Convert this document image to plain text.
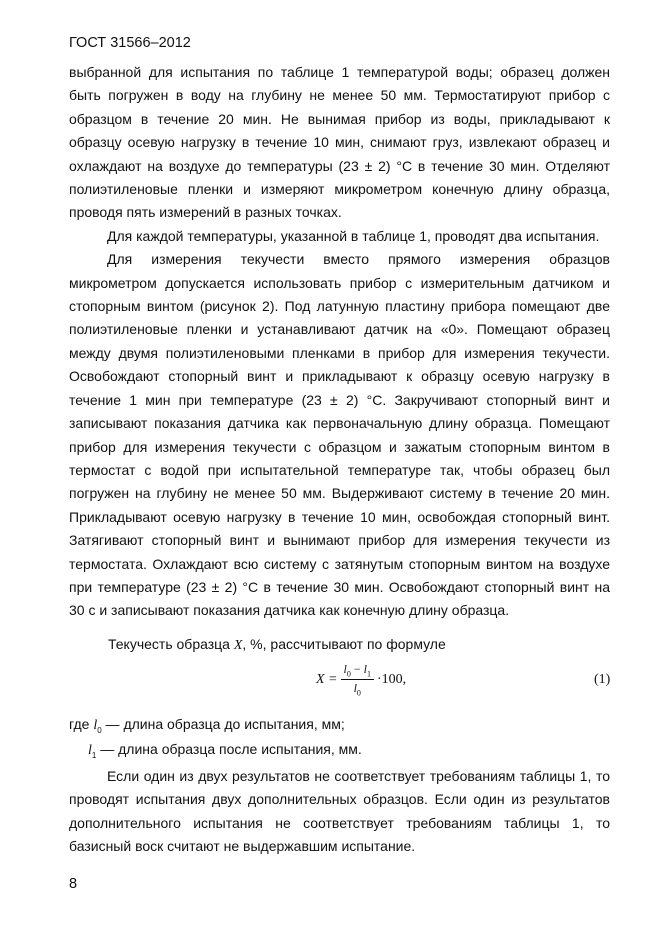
ГОСТ 31566–2012

выбранной для испытания по таблице 1 температурой воды; образец должен быть погружен в воду на глубину не менее 50 мм. Термостатируют прибор с образцом в течение 20 мин. Не вынимая прибор из воды, прикладывают к образцу осевую нагрузку в течение 10 мин, снимают груз, извлекают образец и охлаждают на воздухе до температуры (23 ± 2) °С в течение 30 мин. Отделяют полиэтиленовые пленки и измеряют микрометром конечную длину образца, проводя пять измерений в разных точках.

Для каждой температуры, указанной в таблице 1, проводят два испытания.

Для измерения текучести вместо прямого измерения образцов микрометром допускается использовать прибор с измерительным датчиком и стопорным винтом (рисунок 2). Под латунную пластину прибора помещают две полиэтиленовые пленки и устанавливают датчик на «0». Помещают образец между двумя полиэтиленовыми пленками в прибор для измерения текучести. Освобождают стопорный винт и прикладывают к образцу осевую нагрузку в течение 1 мин при температуре (23 ± 2) °С. Закручивают стопорный винт и записывают показания датчика как первоначальную длину образца. Помещают прибор для измерения текучести с образцом и зажатым стопорным винтом в термостат с водой при испытательной температуре так, чтобы образец был погружен на глубину не менее 50 мм. Выдерживают систему в течение 20 мин. Прикладывают осевую нагрузку в течение 10 мин, освобождая стопорный винт. Затягивают стопорный винт и вынимают прибор для измерения текучести из термостата. Охлаждают всю систему с затянутым стопорным винтом на воздухе при температуре (23 ± 2) °С в течение 30 мин. Освобождают стопорный винт на 30 с и записывают показания датчика как конечную длину образца.

Текучесть образца X, %, рассчитывают по формуле
$X = \frac{l_0 - l_1}{l_0} \cdot 100$,	(1)
где $l_0$ — длина образца до испытания, мм;
$l_1$ — длина образца после испытания, мм.

Если один из двух результатов не соответствует требованиям таблицы 1, то проводят испытания двух дополнительных образцов. Если один из результатов дополнительного испытания не соответствует требованиям таблицы 1, то базисный воск считают не выдержавшим испытание.

8
